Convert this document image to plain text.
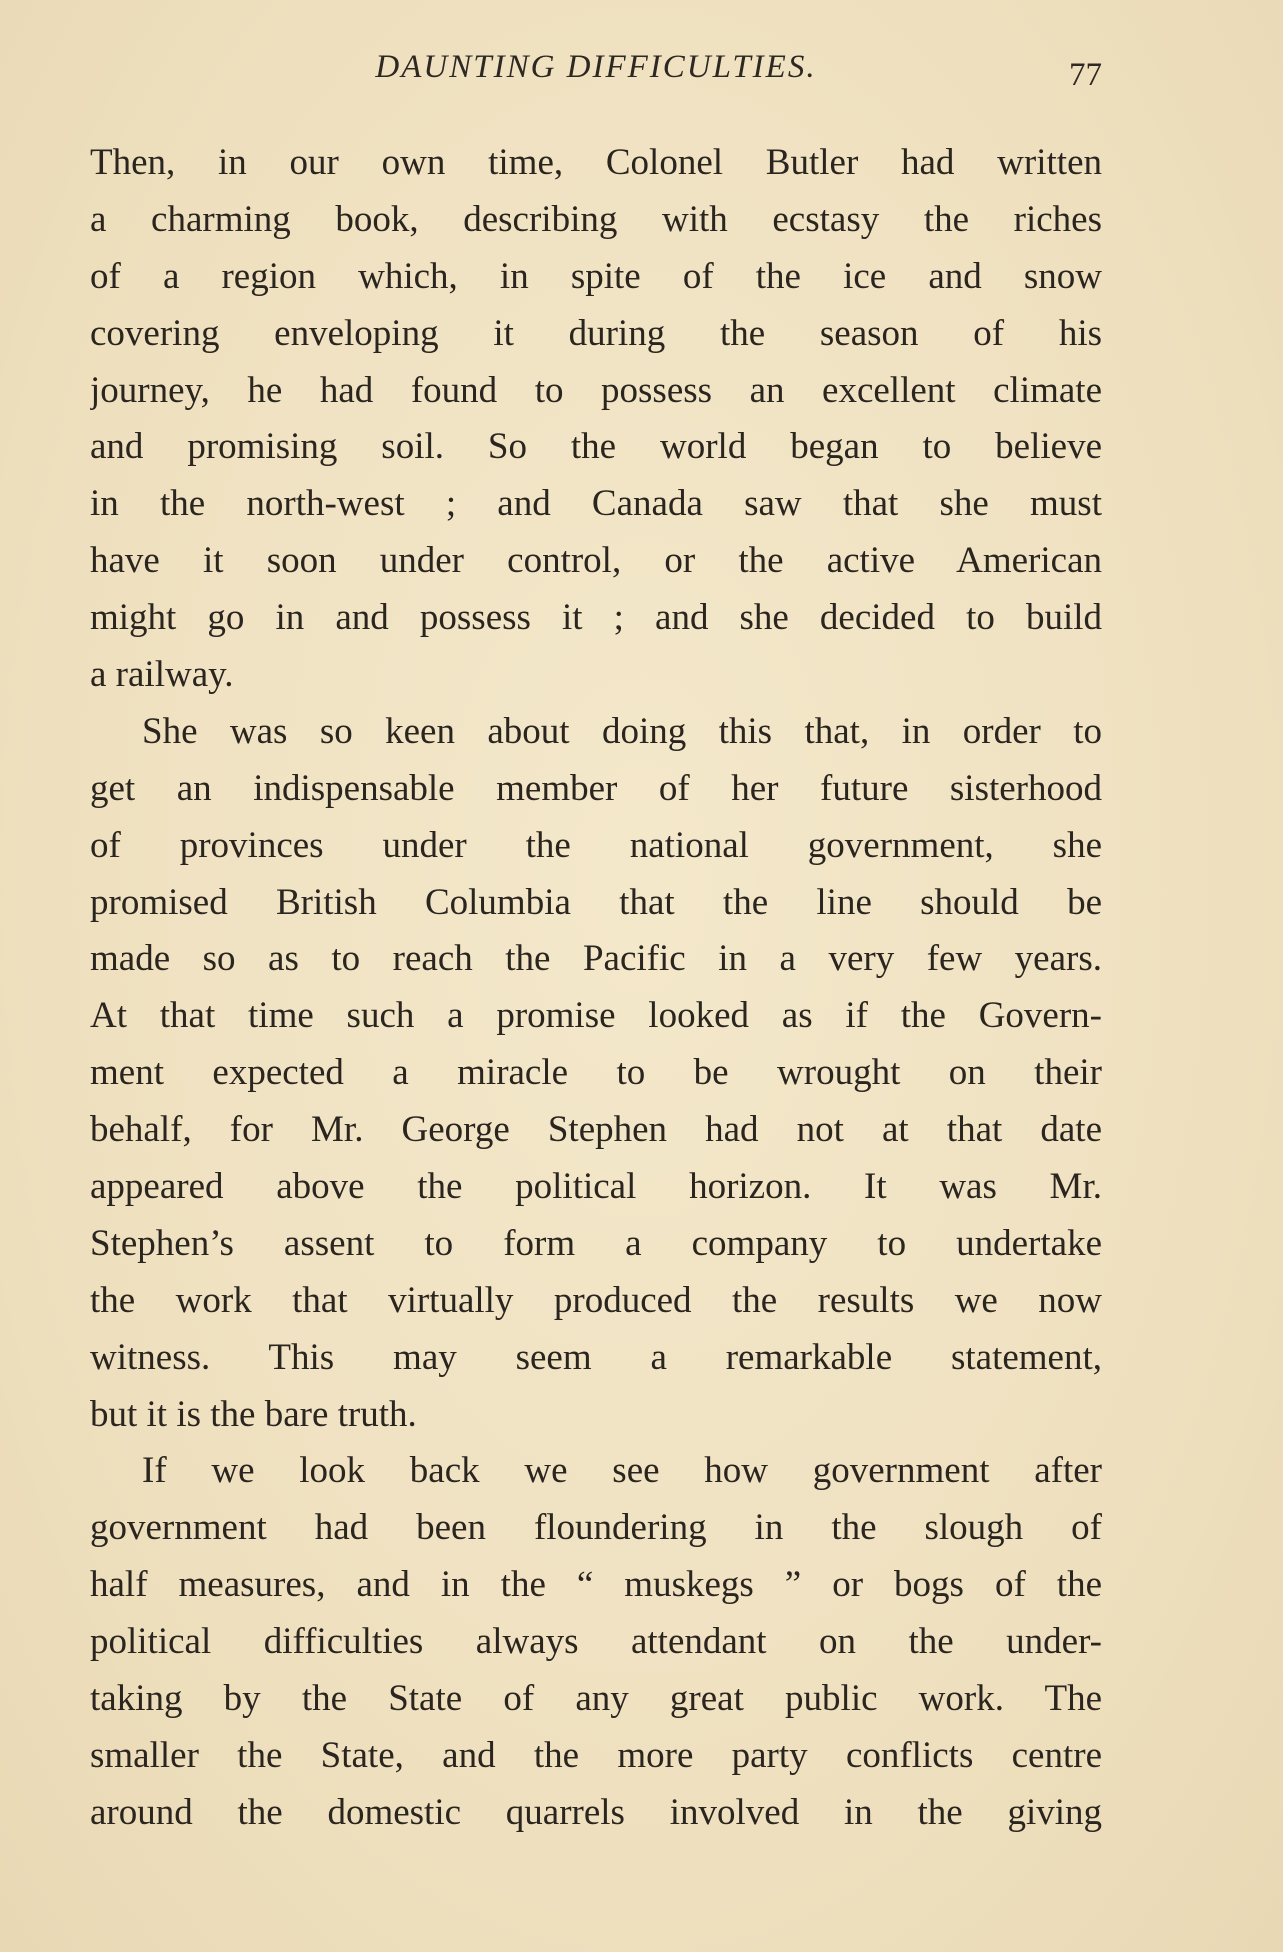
DAUNTING DIFFICULTIES.	77
Then, in our own time, Colonel Butler had written
a charming book, describing with ecstasy the riches
of a region which, in spite of the ice and snow
covering enveloping it during the season of his
journey, he had found to possess an excellent climate
and promising soil. So the world began to believe
in the north-west ; and Canada saw that she must
have it soon under control, or the active American
might go in and possess it ; and she decided to build
a railway.
She was so keen about doing this that, in order to
get an indispensable member of her future sisterhood
of provinces under the national government, she
promised British Columbia that the line should be
made so as to reach the Pacific in a very few years.
At that time such a promise looked as if the Govern-
ment expected a miracle to be wrought on their
behalf, for Mr. George Stephen had not at that date
appeared above the political horizon. It was Mr.
Stephen’s assent to form a company to undertake
the work that virtually produced the results we now
witness. This may seem a remarkable statement,
but it is the bare truth.
If we look back we see how government after
government had been floundering in the slough of
half measures, and in the “ muskegs ” or bogs of the
political difficulties always attendant on the under-
taking by the State of any great public work. The
smaller the State, and the more party conflicts centre
around the domestic quarrels involved in the giving
